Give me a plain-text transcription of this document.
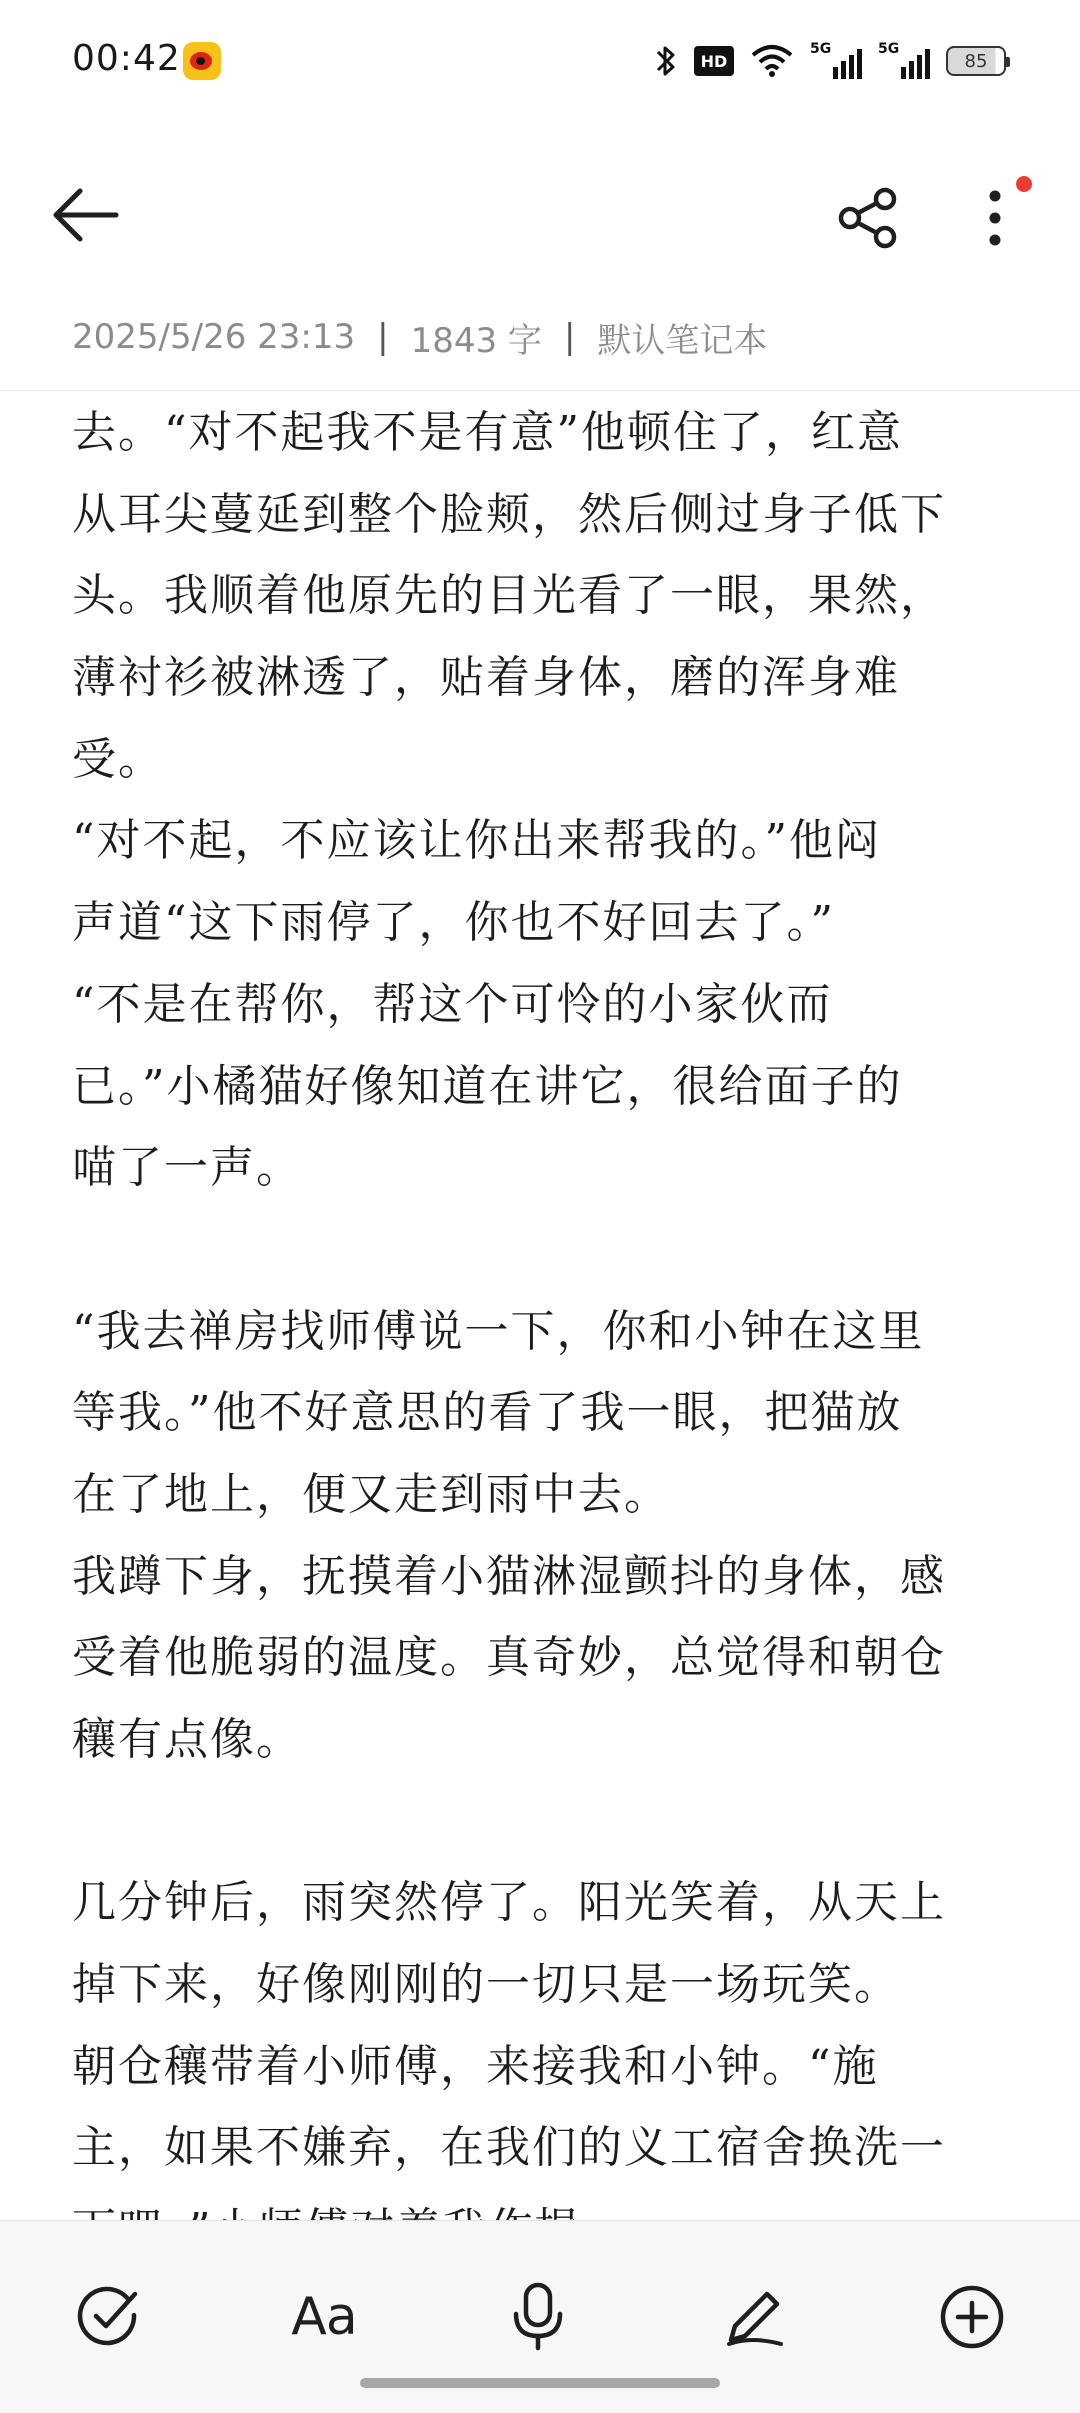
00:42	HD
5G	5G
85
2025/5/26 23:13 | 1843 字 | 默认笔记本
去。“对不起我不是有意”他顿住了，红意
从耳尖蔓延到整个脸颊，然后侧过身子低下
头。我顺着他原先的目光看了一眼，果然，
薄衬衫被淋透了，贴着身体，磨的浑身难
受。
“对不起，不应该让你出来帮我的。”他闷
声道“这下雨停了，你也不好回去了。”
“不是在帮你，帮这个可怜的小家伙而
已。”小橘猫好像知道在讲它，很给面子的
喵了一声。
“我去禅房找师傅说一下，你和小钟在这里
等我。”他不好意思的看了我一眼，把猫放
在了地上，便又走到雨中去。
我蹲下身，抚摸着小猫淋湿颤抖的身体，感
受着他脆弱的温度。真奇妙，总觉得和朝仓
穰有点像。
几分钟后，雨突然停了。阳光笑着，从天上
掉下来，好像刚刚的一切只是一场玩笑。
朝仓穰带着小师傅，来接我和小钟。“施
主，如果不嫌弃，在我们的义工宿舍换洗一
Aa
